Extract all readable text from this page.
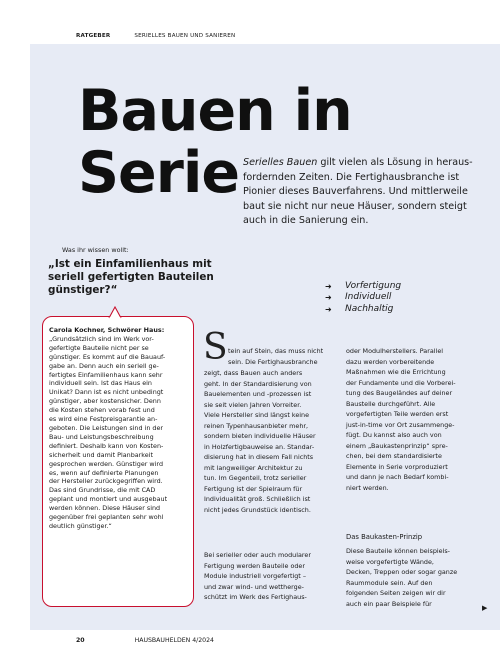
RATGEBER	SERIELLES BAUEN UND SANIEREN
Bauen in
Serie Serielles Bauen gilt vielen als Lösung in heraus-fordernden Zeiten. Die Fertighausbranche ist Pionier dieses Bauverfahrens. Und mittlerweile baut sie nicht nur neue Häuser, sondern steigt auch in die Sanierung ein.

Was ihr wissen wollt:
„Ist ein Einfamilienhaus mit seriell gefertigten Bauteilen günstiger?“	➜	Vorfertigung
➜	Individuell
➜	Nachhaltig
Carola Kochner, Schwörer Haus:
„Grundsätzlich sind im Werk vor-
gefertigte Bauteile nicht per se
günstiger. Es kommt auf die Bauauf-
gabe an. Denn auch ein seriell ge-
fertigtes Einfamilienhaus kann sehr
individuell sein. Ist das Haus ein
Unikat? Dann ist es nicht unbedingt
günstiger, aber kostensicher. Denn
die Kosten stehen vorab fest und
es wird eine Festpreisgarantie an-
geboten. Die Leistungen sind in der
Bau- und Leistungsbeschreibung
definiert. Deshalb kann von Kosten-
sicherheit und damit Planbarkeit
gesprochen werden. Günstiger wird
es, wenn auf definierte Planungen
der Hersteller zurückgegriffen wird.
Das sind Grundrisse, die mit CAD
geplant und montiert und ausgebaut
werden können. Diese Häuser sind
gegenüber frei geplanten sehr wohl
deutlich günstiger.“
S tein auf Stein, das muss nicht
sein. Die Fertighausbranche
zeigt, dass Bauen auch anders
geht. In der Standardisierung von
Bauelementen und -prozessen ist
sie seit vielen Jahren Vorreiter.
Viele Hersteller sind längst keine
reinen Typenhausanbieter mehr,
sondern bieten individuelle Häuser
in Holzfertigbauweise an. Standar-
disierung hat in diesem Fall nichts
mit langweiliger Architektur zu
tun. Im Gegenteil, trotz serieller
Fertigung ist der Spielraum für
Individualität groß. Schließlich ist
nicht jedes Grundstück identisch.
Bei serieller oder auch modularer
Fertigung werden Bauteile oder
Module industriell vorgefertigt –
und zwar wind- und wettherge-
schützt im Werk des Fertighaus-
oder Modulherstellers. Parallel
dazu werden vorbereitende
Maßnahmen wie die Errichtung
der Fundamente und die Vorberei-
tung des Baugeländes auf deiner
Baustelle durchgeführt. Alle
vorgefertigten Teile werden erst
just-in-time vor Ort zusammenge-
fügt. Du kannst also auch von
einem „Baukastenprinzip“ spre-
chen, bei dem standardisierte
Elemente in Serie vorproduziert
und dann je nach Bedarf kombi-
niert werden.
Das Baukasten-Prinzip
Diese Bauteile können beispiels-
weise vorgefertigte Wände,
Decken, Treppen oder sogar ganze
Raummodule sein. Auf den
folgenden Seiten zeigen wir dir
auch ein paar Beispiele für
▶
20	HAUSBAUHELDEN 4/2024
